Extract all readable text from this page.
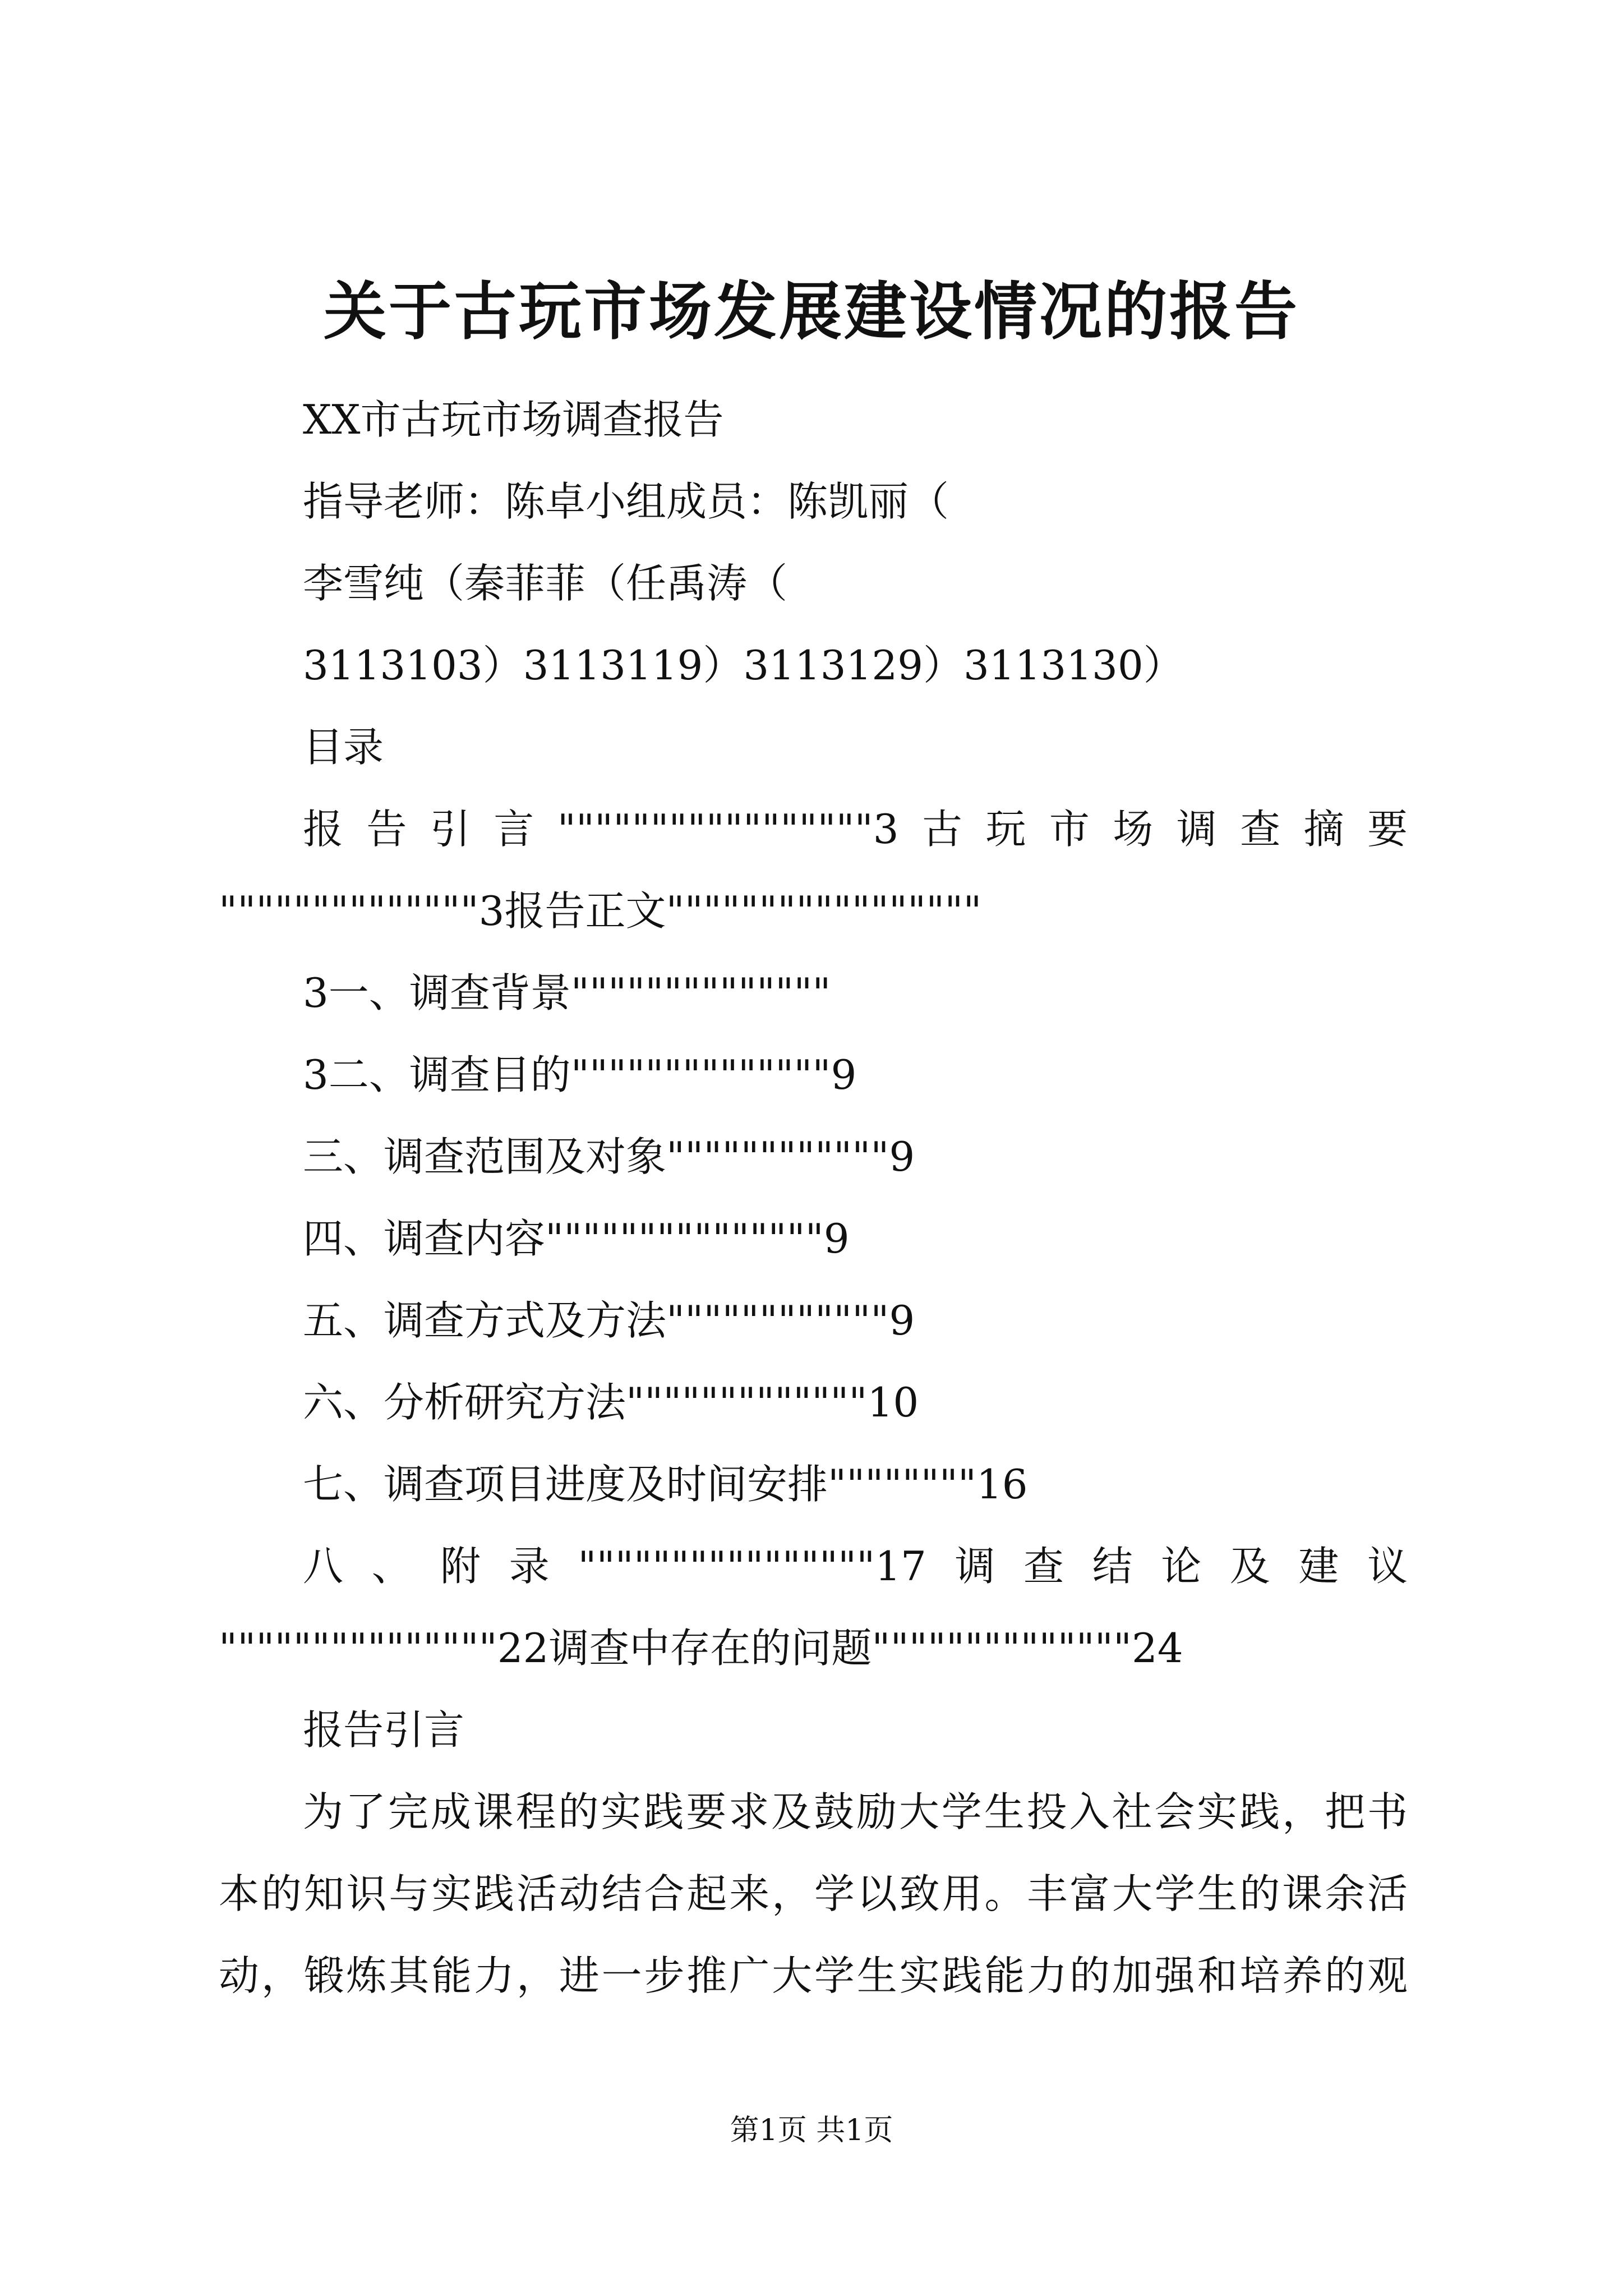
关于古玩市场发展建设情况的报告
XX市古玩市场调查报告
指导老师：陈卓小组成员：陈凯丽（
李雪纯（秦菲菲（任禹涛（
3113103）3113119）3113129）3113130）
目录
报告引言"""""""""""""""""3古玩市场调查摘要
""""""""""""""3报告正文"""""""""""""""""
3一、调查背景""""""""""""""
3二、调查目的""""""""""""""9
三、调查范围及对象""""""""""""9
四、调查内容"""""""""""""""9
五、调查方式及方法""""""""""""9
六、分析研究方法"""""""""""""10
七、调查项目进度及时间安排""""""""16
八、附录""""""""""""""""17调查结论及建议
"""""""""""""""22调查中存在的问题""""""""""""""24
报告引言
为了完成课程的实践要求及鼓励大学生投入社会实践，把书
本的知识与实践活动结合起来，学以致用。丰富大学生的课余活
动，锻炼其能力，进一步推广大学生实践能力的加强和培养的观
第1页 共1页
